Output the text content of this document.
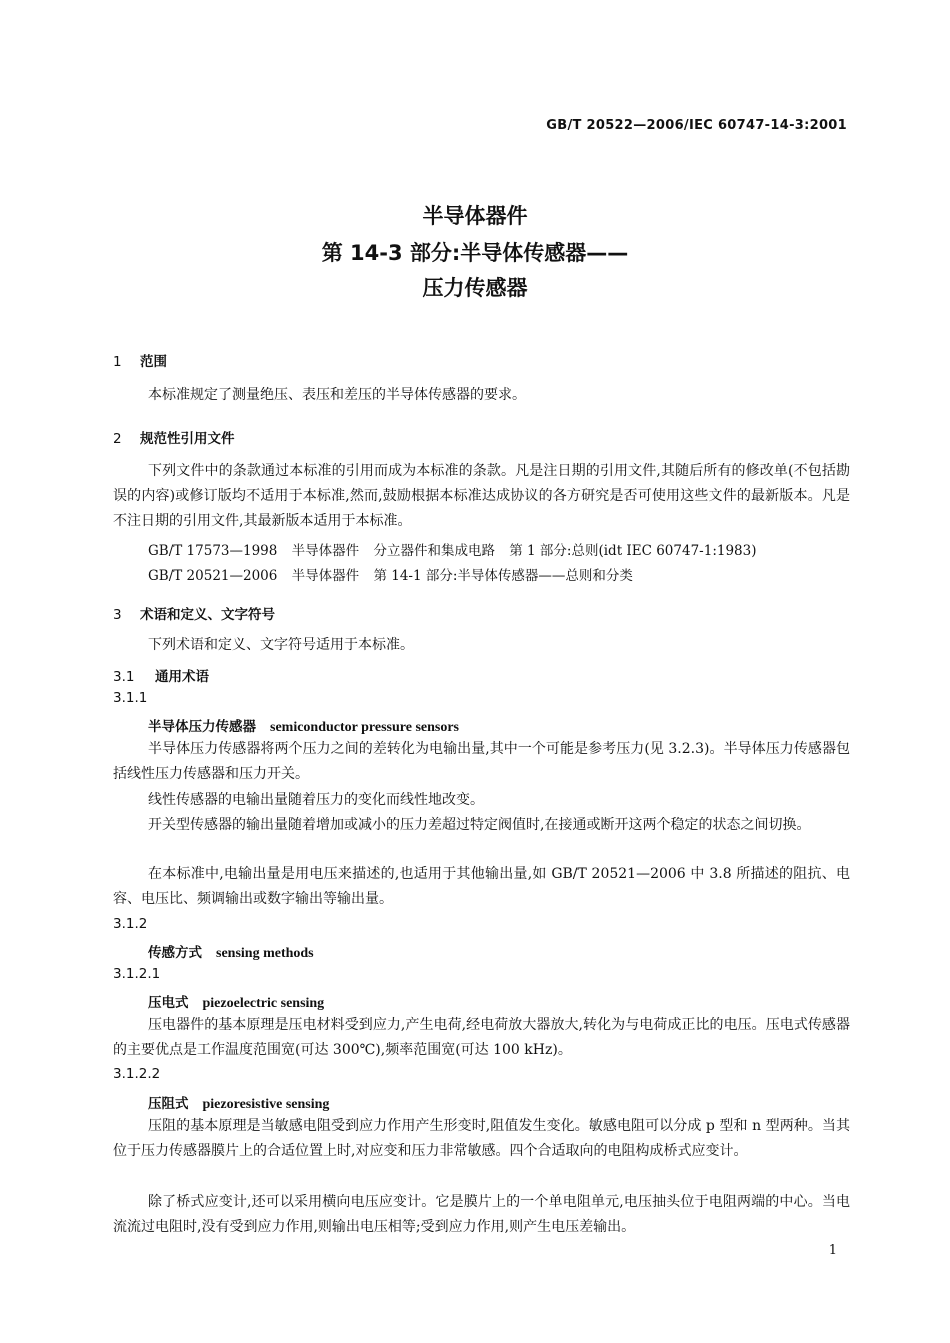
GB/T 20522—2006/IEC 60747-14-3:2001
半导体器件
第 14-3 部分:半导体传感器——
压力传感器
1 范围

本标准规定了测量绝压、表压和差压的半导体传感器的要求。

2 规范性引用文件

下列文件中的条款通过本标准的引用而成为本标准的条款。凡是注日期的引用文件,其随后所有的修改单(不包括勘误的内容)或修订版均不适用于本标准,然而,鼓励根据本标准达成协议的各方研究是否可使用这些文件的最新版本。凡是不注日期的引用文件,其最新版本适用于本标准。

GB/T 17573—1998 半导体器件 分立器件和集成电路 第 1 部分:总则(idt IEC 60747-1:1983)
GB/T 20521—2006 半导体器件 第 14-1 部分:半导体传感器——总则和分类
3 术语和定义、文字符号

下列术语和定义、文字符号适用于本标准。

3.1 通用术语
3.1.1
半导体压力传感器 semiconductor pressure sensors

半导体压力传感器将两个压力之间的差转化为电输出量,其中一个可能是参考压力(见 3.2.3)。半导体压力传感器包括线性压力传感器和压力开关。

线性传感器的电输出量随着压力的变化而线性地改变。

开关型传感器的输出量随着增加或减小的压力差超过特定阀值时,在接通或断开这两个稳定的状态之间切换。

在本标准中,电输出量是用电压来描述的,也适用于其他输出量,如 GB/T 20521—2006 中 3.8 所描述的阻抗、电容、电压比、频调输出或数字输出等输出量。

3.1.2
传感方式 sensing methods
3.1.2.1
压电式 piezoelectric sensing

压电器件的基本原理是压电材料受到应力,产生电荷,经电荷放大器放大,转化为与电荷成正比的电压。压电式传感器的主要优点是工作温度范围宽(可达 300℃),频率范围宽(可达 100 kHz)。

3.1.2.2
压阻式 piezoresistive sensing

压阻的基本原理是当敏感电阻受到应力作用产生形变时,阻值发生变化。敏感电阻可以分成 p 型和 n 型两种。当其位于压力传感器膜片上的合适位置上时,对应变和压力非常敏感。四个合适取向的电阻构成桥式应变计。

除了桥式应变计,还可以采用横向电压应变计。它是膜片上的一个单电阻单元,电压抽头位于电阻两端的中心。当电流流过电阻时,没有受到应力作用,则输出电压相等;受到应力作用,则产生电压差输出。

1
